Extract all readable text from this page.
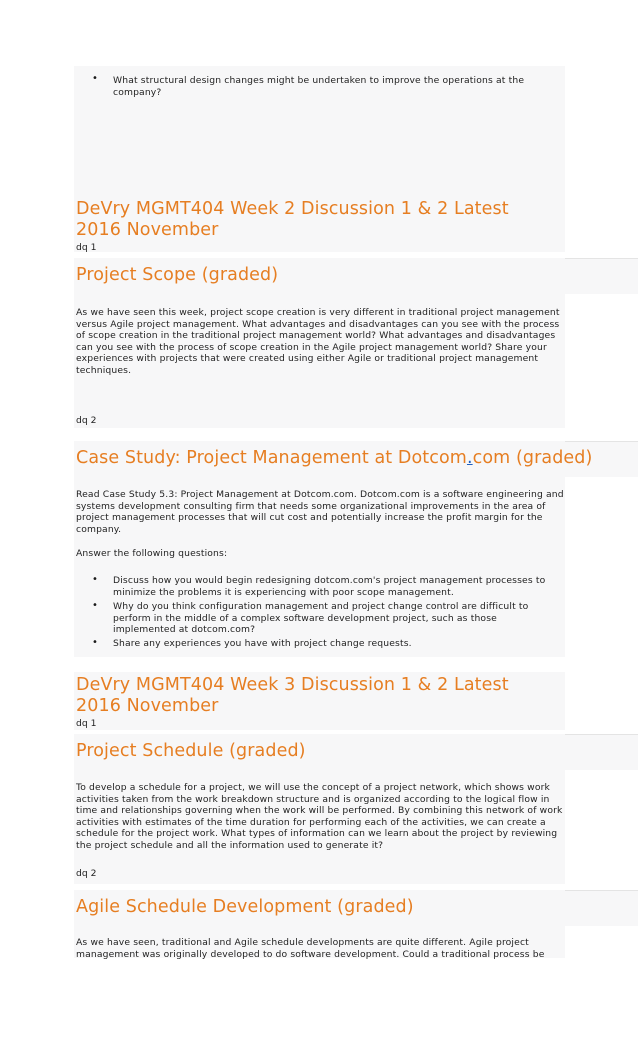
• What structural design changes might be undertaken to improve the operations at the company?
DeVry MGMT404 Week 2 Discussion 1 & 2 Latest 2016 November
dq 1
Project Scope (graded)
As we have seen this week, project scope creation is very different in traditional project management versus Agile project management. What advantages and disadvantages can you see with the process of scope creation in the traditional project management world? What advantages and disadvantages can you see with the process of scope creation in the Agile project management world? Share your experiences with projects that were created using either Agile or traditional project management techniques.
dq 2
Case Study: Project Management at Dotcom.com (graded)
Read Case Study 5.3: Project Management at Dotcom.com. Dotcom.com is a software engineering and systems development consulting firm that needs some organizational improvements in the area of project management processes that will cut cost and potentially increase the profit margin for the company.
Answer the following questions:
• Discuss how you would begin redesigning dotcom.com's project management processes to minimize the problems it is experiencing with poor scope management.
• Why do you think configuration management and project change control are difficult to perform in the middle of a complex software development project, such as those implemented at dotcom.com?
• Share any experiences you have with project change requests.
DeVry MGMT404 Week 3 Discussion 1 & 2 Latest 2016 November
dq 1
Project Schedule (graded)
To develop a schedule for a project, we will use the concept of a project network, which shows work activities taken from the work breakdown structure and is organized according to the logical flow in time and relationships governing when the work will be performed. By combining this network of work activities with estimates of the time duration for performing each of the activities, we can create a schedule for the project work. What types of information can we learn about the project by reviewing the project schedule and all the information used to generate it?
dq 2
Agile Schedule Development (graded)
As we have seen, traditional and Agile schedule developments are quite different. Agile project management was originally developed to do software development. Could a traditional process be
